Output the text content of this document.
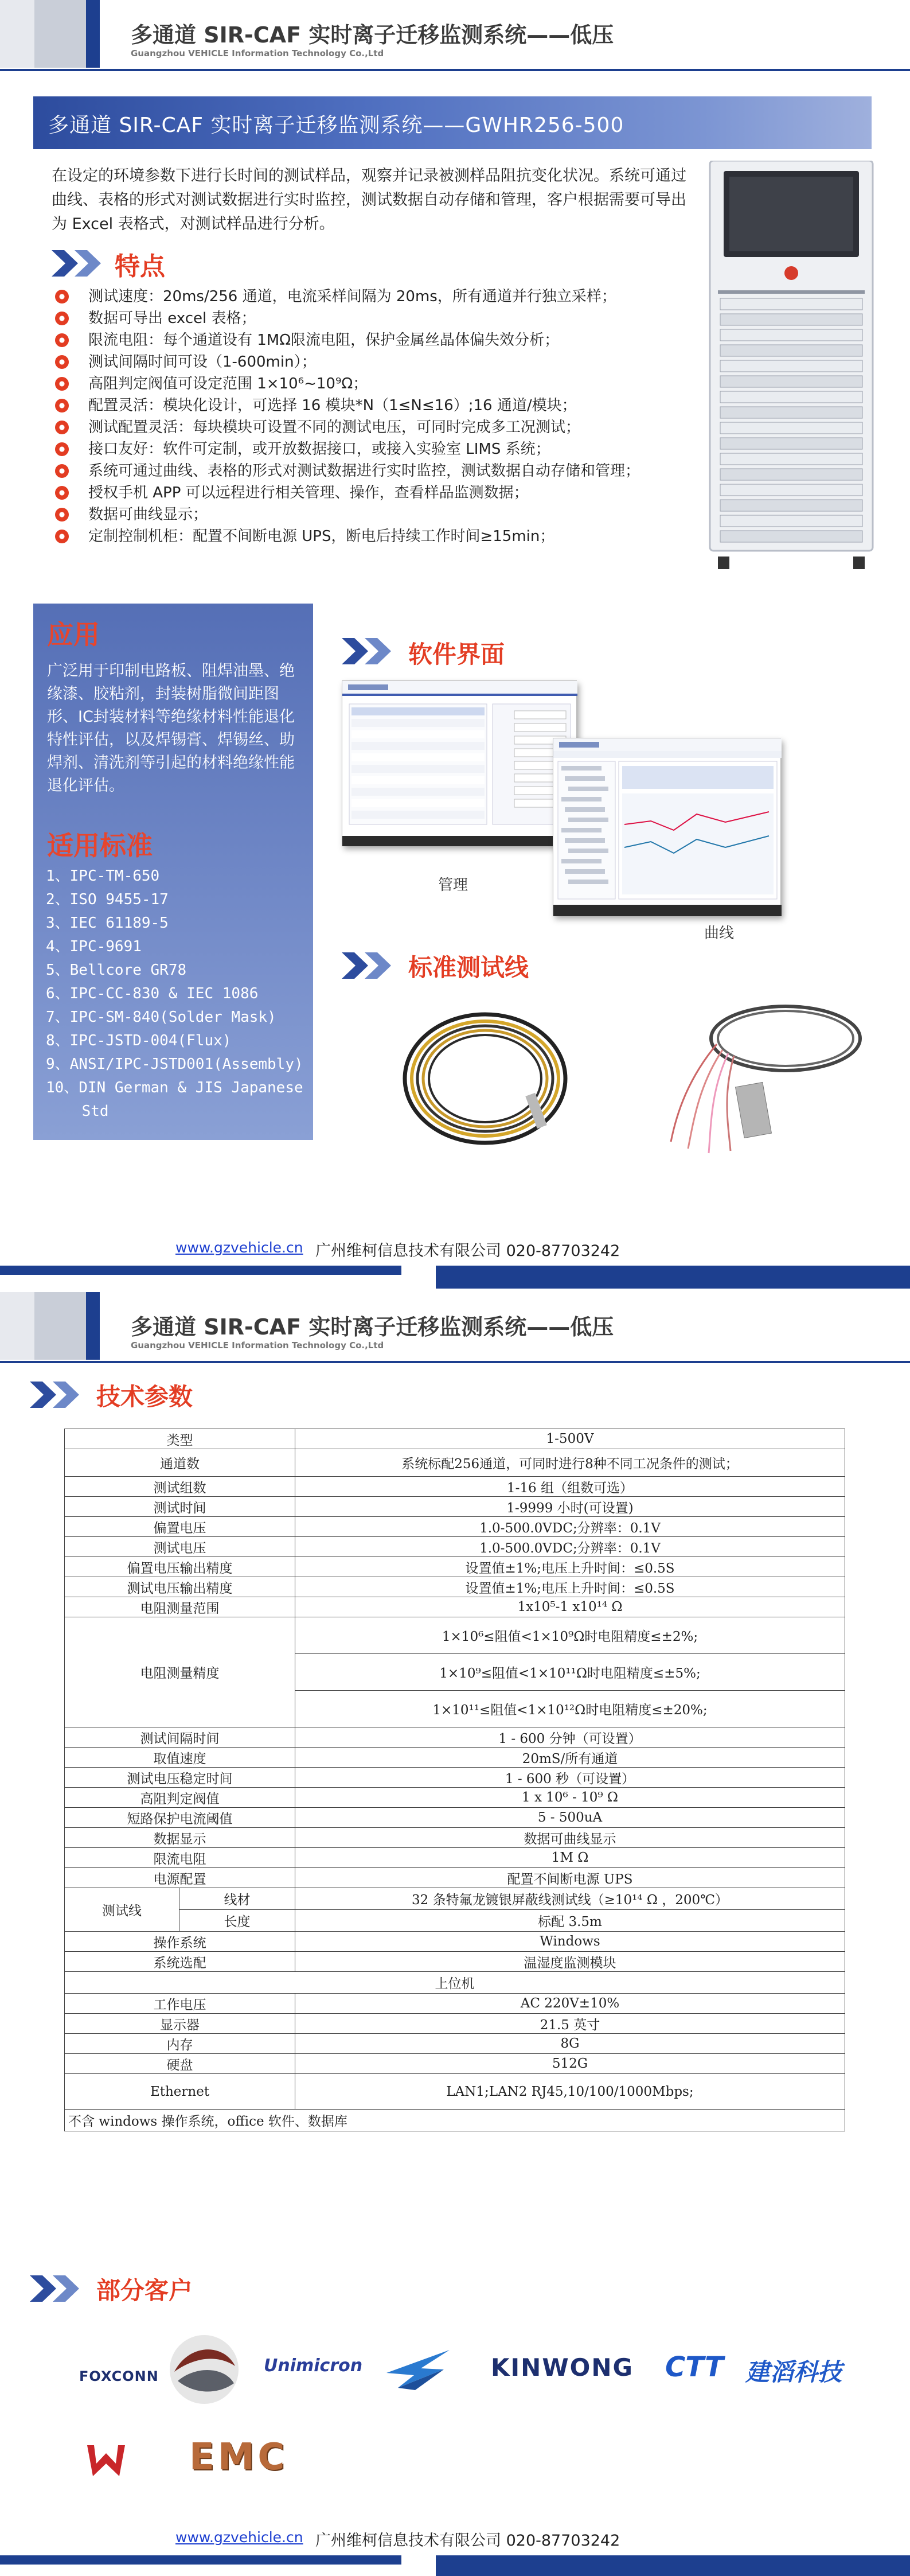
多通道 SIR-CAF 实时离子迁移监测系统——低压
Guangzhou VEHICLE Information Technology Co.,Ltd
多通道 SIR-CAF 实时离子迁移监测系统——GWHR256-500
在设定的环境参数下进行长时间的测试样品，观察并记录被测样品阻抗变化状况。系统可通过曲线、表格的形式对测试数据进行实时监控，测试数据自动存储和管理，客户根据需要可导出为 Excel 表格式，对测试样品进行分析。
特点
测试速度：20ms/256 通道，电流采样间隔为 20ms，所有通道并行独立采样；
数据可导出 excel 表格；
限流电阻：每个通道设有 1MΩ限流电阻，保护金属丝晶体偏失效分析；
测试间隔时间可设（1-600min）；
高阻判定阀值可设定范围 1×10⁶~10⁹Ω；
配置灵活：模块化设计，可选择 16 模块*N（1≤N≤16）;16 通道/模块；
测试配置灵活：每块模块可设置不同的测试电压，可同时完成多工况测试；
接口友好：软件可定制，或开放数据接口，或接入实验室 LIMS 系统；
系统可通过曲线、表格的形式对测试数据进行实时监控，测试数据自动存储和管理；
授权手机 APP 可以远程进行相关管理、操作，查看样品监测数据；
数据可曲线显示；
定制控制机柜：配置不间断电源 UPS，断电后持续工作时间≥15min；
应用
广泛用于印制电路板、阻焊油墨、绝缘漆、胶粘剂，封装树脂微间距图形、IC封装材料等绝缘材料性能退化特性评估，以及焊锡膏、焊锡丝、助焊剂、清洗剂等引起的材料绝缘性能退化评估。
适用标准
1、IPC-TM-650
2、ISO 9455-17
3、IEC 61189-5
4、IPC-9691
5、Bellcore GR78
6、IPC-CC-830 & IEC 1086
7、IPC-SM-840(Solder Mask)
8、IPC-JSTD-004(Flux)
9、ANSI/IPC-JSTD001(Assembly)
10、DIN German & JIS Japanese
Std
软件界面
管理
曲线
标准测试线
www.gzvehicle.cn 广州维柯信息技术有限公司 020-87703242
多通道 SIR-CAF 实时离子迁移监测系统——低压
Guangzhou VEHICLE Information Technology Co.,Ltd
技术参数
类型		1-500V
通道数		系统标配256通道，可同时进行8种不同工况条件的测试；
测试组数		1-16 组（组数可选）
测试时间		1-9999 小时(可设置)
偏置电压		1.0-500.0VDC;分辨率：0.1V
测试电压		1.0-500.0VDC;分辨率：0.1V
偏置电压输出精度		设置值±1%;电压上升时间：≤0.5S
测试电压输出精度		设置值±1%;电压上升时间：≤0.5S
电阻测量范围		1x10⁵-1 x10¹⁴ Ω
电阻测量精度		1×10⁶≤阻值<1×10⁹Ω时电阻精度≤±2%;
		1×10⁹≤阻值<1×10¹¹Ω时电阻精度≤±5%;
		1×10¹¹≤阻值<1×10¹²Ω时电阻精度≤±20%;
测试间隔时间		1 - 600 分钟（可设置）
取值速度		20mS/所有通道
测试电压稳定时间		1 - 600 秒（可设置）
高阻判定阀值		1 x 10⁶ - 10⁹ Ω
短路保护电流阈值		5 - 500uA
数据显示		数据可曲线显示
限流电阻		1M Ω
电源配置		配置不间断电源 UPS
测试线	线材	32 条特氟龙镀银屏蔽线测试线（≥10¹⁴ Ω ，200℃）
	长度	标配 3.5m
操作系统		Windows
系统选配		温湿度监测模块
上位机		
工作电压		AC 220V±10%
显示器		21.5 英寸
内存		8G
硬盘		512G
Ethernet		LAN1;LAN2 RJ45,10/100/1000Mbps;
不含 windows 操作系统，office 软件、数据库		
部分客户
FOXCONN
Unimicron	KINWONG CTT 建滔科技
EMC
www.gzvehicle.cn 广州维柯信息技术有限公司 020-87703242
